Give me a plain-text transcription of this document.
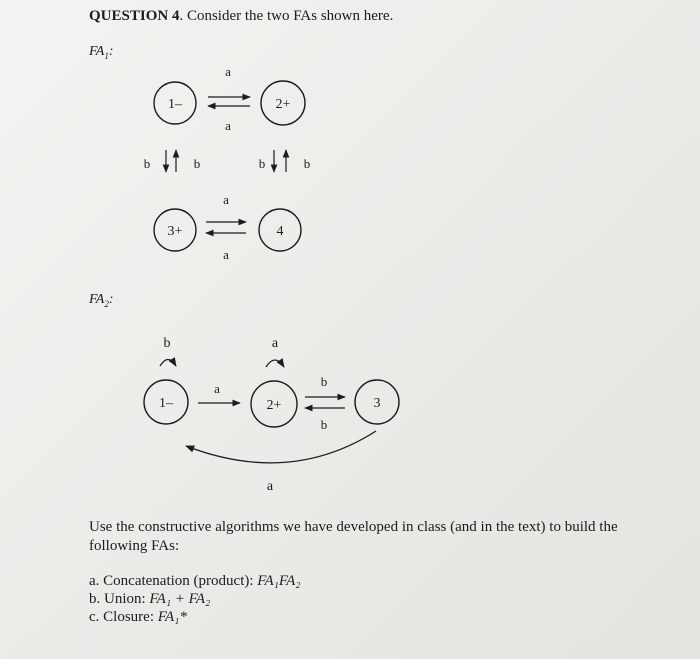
QUESTION 4. Consider the two FAs shown here.
$FA_1$:
$FA_2$:
1–	2+
3+	4
a
a
b	b	b	b
a
a
1–	2+	3
b	a
a	b
b
a
Use the constructive algorithms we have developed in class (and in the text) to build the following FAs:
a. Concatenation (product): FA₁FA₂
b. Union: FA₁ + FA₂
c. Closure: FA₁*
